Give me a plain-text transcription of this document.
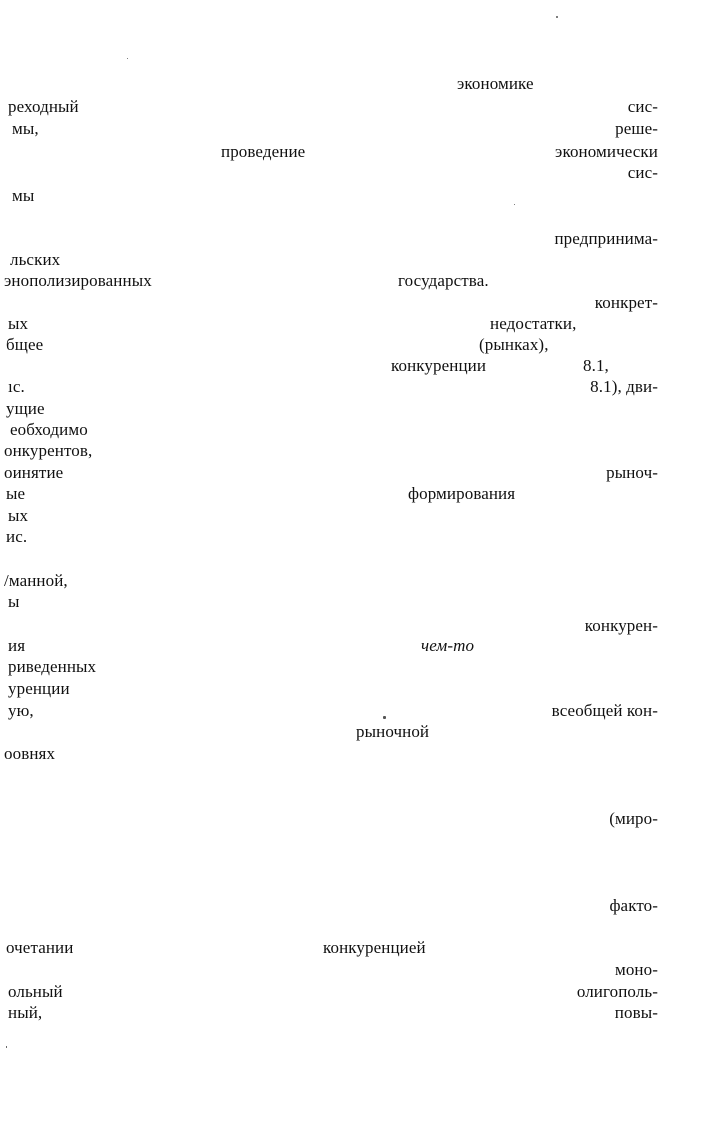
экономике
реходный	сис-
мы,	реше-
проведение	экономически
сис-
мы
предпринима-
льских
энополизированных	государства.
конкрет-
ых	недостатки,
бщее	(рынках),
конкуренции	8.1,
ıс.	8.1), дви-
ущие
еобходимо
онкурентов,
оинятие	рыноч-
ые	формирования
ых
ис.
/манной,
ы
конкурен-
ия	чем-то
риведенных
уренции
ую,	всеобщей кон-
рыночной
оовнях
(миро-
факто-
очетании	конкуренцией
моно-
ольный	олигополь-
ный,	повы-
